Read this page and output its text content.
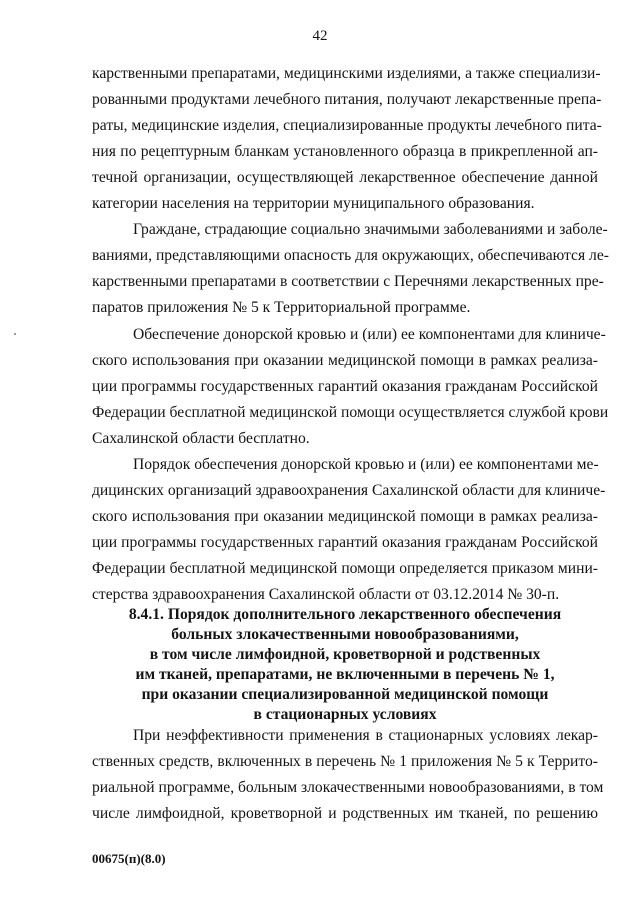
42
карственными препаратами, медицинскими изделиями, а также специализи-
рованными продуктами лечебного питания, получают лекарственные препа-
раты, медицинские изделия, специализированные продукты лечебного пита-
ния по рецептурным бланкам установленного образца в прикрепленной ап-
течной организации, осуществляющей лекарственное обеспечение данной
категории населения на территории муниципального образования.
Граждане, страдающие социально значимыми заболеваниями и заболе-
ваниями, представляющими опасность для окружающих, обеспечиваются ле-
карственными препаратами в соответствии с Перечнями лекарственных пре-
паратов приложения № 5 к Территориальной программе.
Обеспечение донорской кровью и (или) ее компонентами для клиниче-
ского использования при оказании медицинской помощи в рамках реализа-
ции программы государственных гарантий оказания гражданам Российской
Федерации бесплатной медицинской помощи осуществляется службой крови
Сахалинской области бесплатно.
Порядок обеспечения донорской кровью и (или) ее компонентами ме-
дицинских организаций здравоохранения Сахалинской области для клиниче-
ского использования при оказании медицинской помощи в рамках реализа-
ции программы государственных гарантий оказания гражданам Российской
Федерации бесплатной медицинской помощи определяется приказом мини-
стерства здравоохранения Сахалинской области от 03.12.2014 № 30-п.
8.4.1. Порядок дополнительного лекарственного обеспечения
больных злокачественными новообразованиями,
в том числе лимфоидной, кроветворной и родственных
им тканей, препаратами, не включенными в перечень № 1,
при оказании специализированной медицинской помощи
в стационарных условиях
При неэффективности применения в стационарных условиях лекар-
ственных средств, включенных в перечень № 1 приложения № 5 к Террито-
риальной программе, больным злокачественными новообразованиями, в том
числе лимфоидной, кроветворной и родственных им тканей, по решению
00675(п)(8.0)
